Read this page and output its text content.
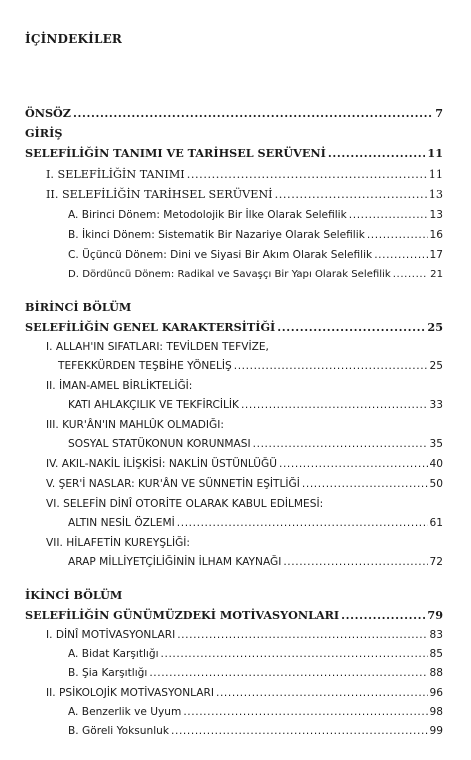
İÇİNDEKİLER
ÖNSÖZ .....	7
GİRİŞ
SELEFİLİĞİN TANIMI VE TARİHSEL SERÜVENİ .....	11
I. SELEFİLİĞİN TANIMI .....	11
II. SELEFİLİĞİN TARİHSEL SERÜVENİ .....	13
A. Birinci Dönem: Metodolojik Bir İlke Olarak Selefilik .....	13
B. İkinci Dönem: Sistematik Bir Nazariye Olarak Selefilik .....	16
C. Üçüncü Dönem: Dini ve Siyasi Bir Akım Olarak Selefilik .....	17
D. Dördüncü Dönem: Radikal ve Savaşçı Bir Yapı Olarak Selefilik .....	21
BİRİNCİ BÖLÜM
SELEFİLİĞİN GENEL KARAKTERSİTİĞİ .....	25
I. ALLAH'IN SIFATLARI: TEVİLDEN TEFVİZE,
TEFEKKÜRDEN TEŞBİHE YÖNELİŞ .....	25
II. İMAN-AMEL BİRLİKTELİĞİ:
KATI AHLAKÇILIK VE TEKFİRCİLİK .....	33
III. KUR'ÂN'IN MAHLÛK OLMADIĞI:
SOSYAL STATÜKONUN KORUNMASI .....	35
IV. AKIL-NAKİL İLİŞKİSİ: NAKLİN ÜSTÜNLÜĞÜ .....	40
V. ŞER'İ NASLAR: KUR'ÂN VE SÜNNETİN EŞİTLİĞİ .....	50
VI. SELEFİN DİNÎ OTORİTE OLARAK KABUL EDİLMESİ:
ALTIN NESİL ÖZLEMİ .....	61
VII. HİLAFETİN KUREYŞLİĞİ:
ARAP MİLLİYETÇİLİĞİNİN İLHAM KAYNAĞI .....	72
İKİNCİ BÖLÜM
SELEFİLİĞİN GÜNÜMÜZDEKİ MOTİVASYONLARI .....	79
I. DİNÎ MOTİVASYONLARI .....	83
A. Bidat Karşıtlığı .....	85
B. Şia Karşıtlığı .....	88
II. PSİKOLOJİK MOTİVASYONLARI .....	96
A. Benzerlik ve Uyum .....	98
B. Göreli Yoksunluk .....	99
